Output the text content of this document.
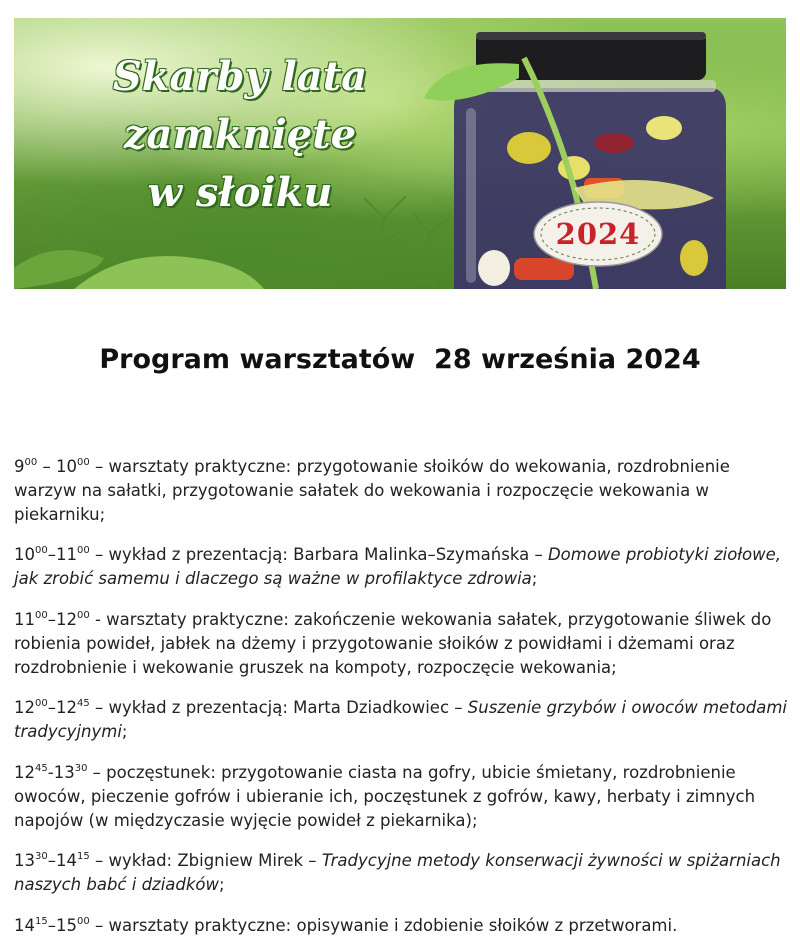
Skarby lata
zamknięte
w słoiku
2024
Program warsztatów  28 września 2024

$9^{00} - 10^{00}$ – warsztaty praktyczne: przygotowanie słoików do wekowania, rozdrobnienie warzyw na sałatki, przygotowanie sałatek do wekowania i rozpoczęcie wekowania w piekarniku;

$10^{00}-11^{00}$ – wykład z prezentacją: Barbara Malinka–Szymańska – Domowe probiotyki ziołowe, jak zrobić samemu i dlaczego są ważne w profilaktyce zdrowia;

$11^{00}-12^{00}$ - warsztaty praktyczne: zakończenie wekowania sałatek, przygotowanie śliwek do robienia powideł, jabłek na dżemy i przygotowanie słoików z powidłami i dżemami oraz rozdrobnienie i wekowanie gruszek na kompoty, rozpoczęcie wekowania;

$12^{00}-12^{45}$ – wykład z prezentacją: Marta Dziadkowiec – Suszenie grzybów i owoców metodami tradycyjnymi;

$12^{45}-13^{30}$ – poczęstunek: przygotowanie ciasta na gofry, ubicie śmietany, rozdrobnienie owoców, pieczenie gofrów i ubieranie ich, poczęstunek z gofrów, kawy, herbaty i zimnych napojów (w międzyczasie wyjęcie powideł z piekarnika);

$13^{30}-14^{15}$ – wykład: Zbigniew Mirek – Tradycyjne metody konserwacji żywności w spiżarniach naszych babć i dziadków;

$14^{15}-15^{00}$ – warsztaty praktyczne: opisywanie i zdobienie słoików z przetworami.
